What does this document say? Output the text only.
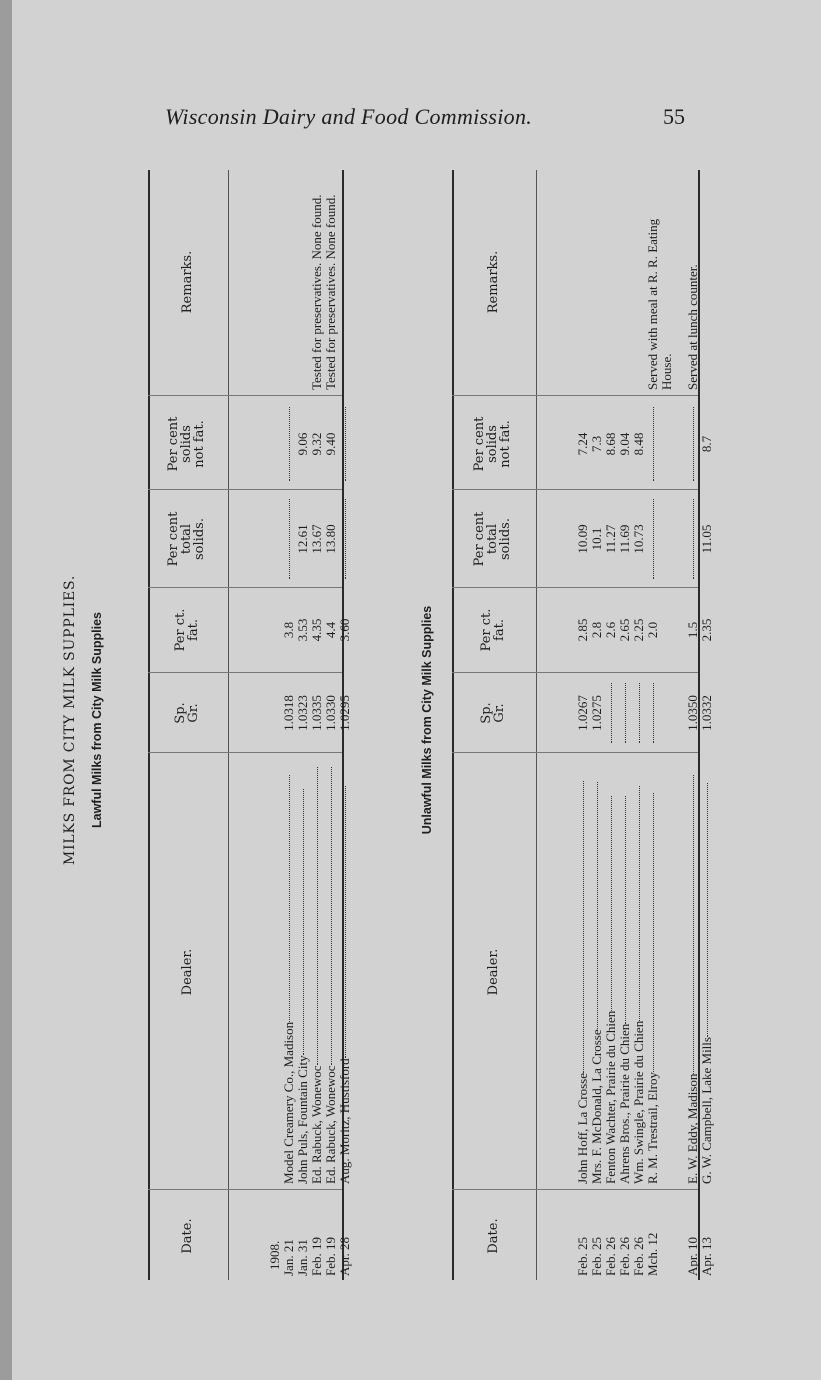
Wisconsin Dairy and Food Commission.	55
MILKS FROM CITY MILK SUPPLIES. Lawful Milks from City Milk Supplies
Date.
Dealer.
Sp.
Gr.
Per ct.
fat.
Per cent
total
solids.
Per cent
solids
not fat.
Remarks.
1908. Jan. 21
Model Creamery Co., Madison
1.0318
3.8
Jan. 31
John Puls, Fountain City
1.0323
3.53
12.61
9.06
Feb. 19
Ed. Rabuck, Wonewoc
1.0335
4.35
13.67
9.32
Tested for preservatives. None found.
Feb. 19
Ed. Rabuck, Wonewoc
1.0330
4.4
13.80
9.40
Tested for preservatives. None found.
Apr. 28
Aug. Moritz, Hustisford
1.0295
3.60	Unlawful Milks from City Milk Supplies
Date.
Dealer.
Sp.
Gr.
Per ct.
fat.
Per cent
total
solids.
Per cent
solids
not fat.
Remarks.
Feb. 25
John Hoff, La Crosse
1.0267
2.85
10.09
7.24
Feb. 25
Mrs. F. McDonald, La Crosse
1.0275
2.8
10.1
7.3
Feb. 26
Fenton Wachter, Prairie du Chien
2.6
11.27
8.68
Feb. 26
Ahrens Bros., Prairie du Chien
2.65
11.69
9.04
Feb. 26
Wm. Swingle, Prairie du Chien
2.25
10.73
8.48
Mch. 12
R. M. Trestrail, Elroy
2.0
Served with meal at R. R. Eating House.
Apr. 10
E. W. Eddy, Madison
1.0350
1.5
Served at lunch counter.
Apr. 13
G. W. Campbell, Lake Mills
1.0332
2.35
11.05
8.7
